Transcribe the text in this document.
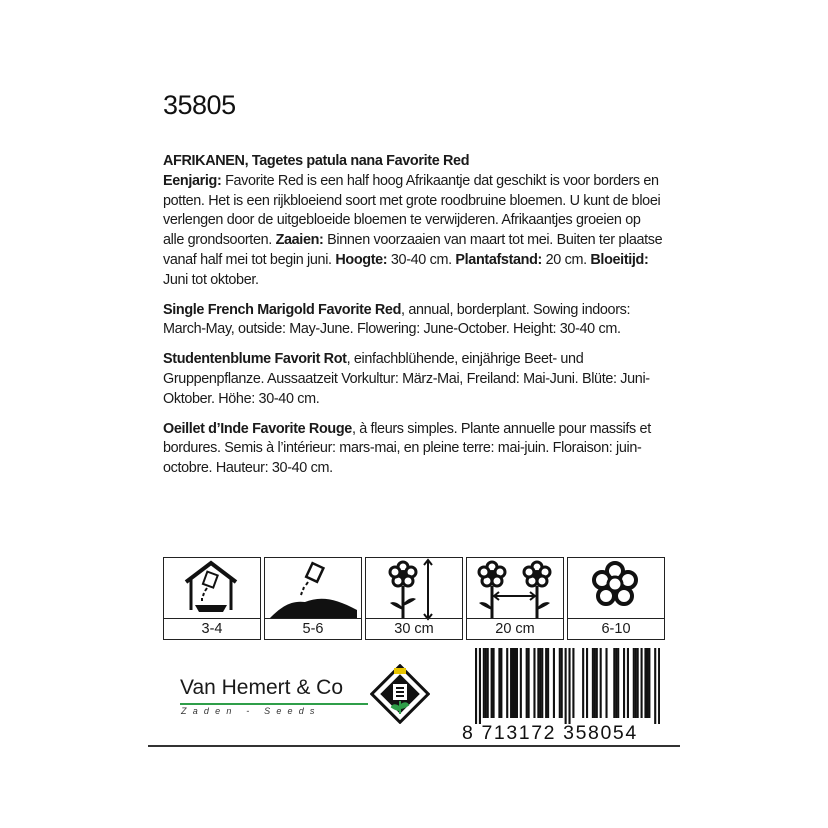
35805

AFRIKANEN, Tagetes patula nana Favorite Red
Eenjarig: Favorite Red is een half hoog Afrikaantje dat geschikt is voor borders en potten. Het is een rijkbloeiend soort met grote roodbruine bloemen. U kunt de bloei verlengen door de uitgebloeide bloemen te verwijderen. Afrikaantjes groeien op alle grondsoorten. Zaaien: Binnen voorzaaien van maart tot mei. Buiten ter plaatse vanaf half mei tot begin juni. Hoogte: 30-40 cm. Plantafstand: 20 cm. Bloeitijd: Juni tot oktober.

Single French Marigold Favorite Red, annual, borderplant. Sowing indoors: March-May, outside: May-June. Flowering: June-October. Height: 30-40 cm.

Studentenblume Favorit Rot, einfachblühende, einjährige Beet- und Gruppenpflanze. Aussaatzeit Vorkultur: März-Mai, Freiland: Mai-Juni. Blüte: Juni-Oktober. Höhe: 30-40 cm.

Oeillet d’Inde Favorite Rouge, à fleurs simples. Plante annuelle pour massifs et bordures. Semis à l’intérieur: mars-mai, en pleine terre: mai-juin. Floraison: juin-octobre. Hauteur: 30-40 cm.

3-4	5-6	30 cm	20 cm	6-10
Van Hemert & Co
Zaden - Seeds
8 713172 358054
